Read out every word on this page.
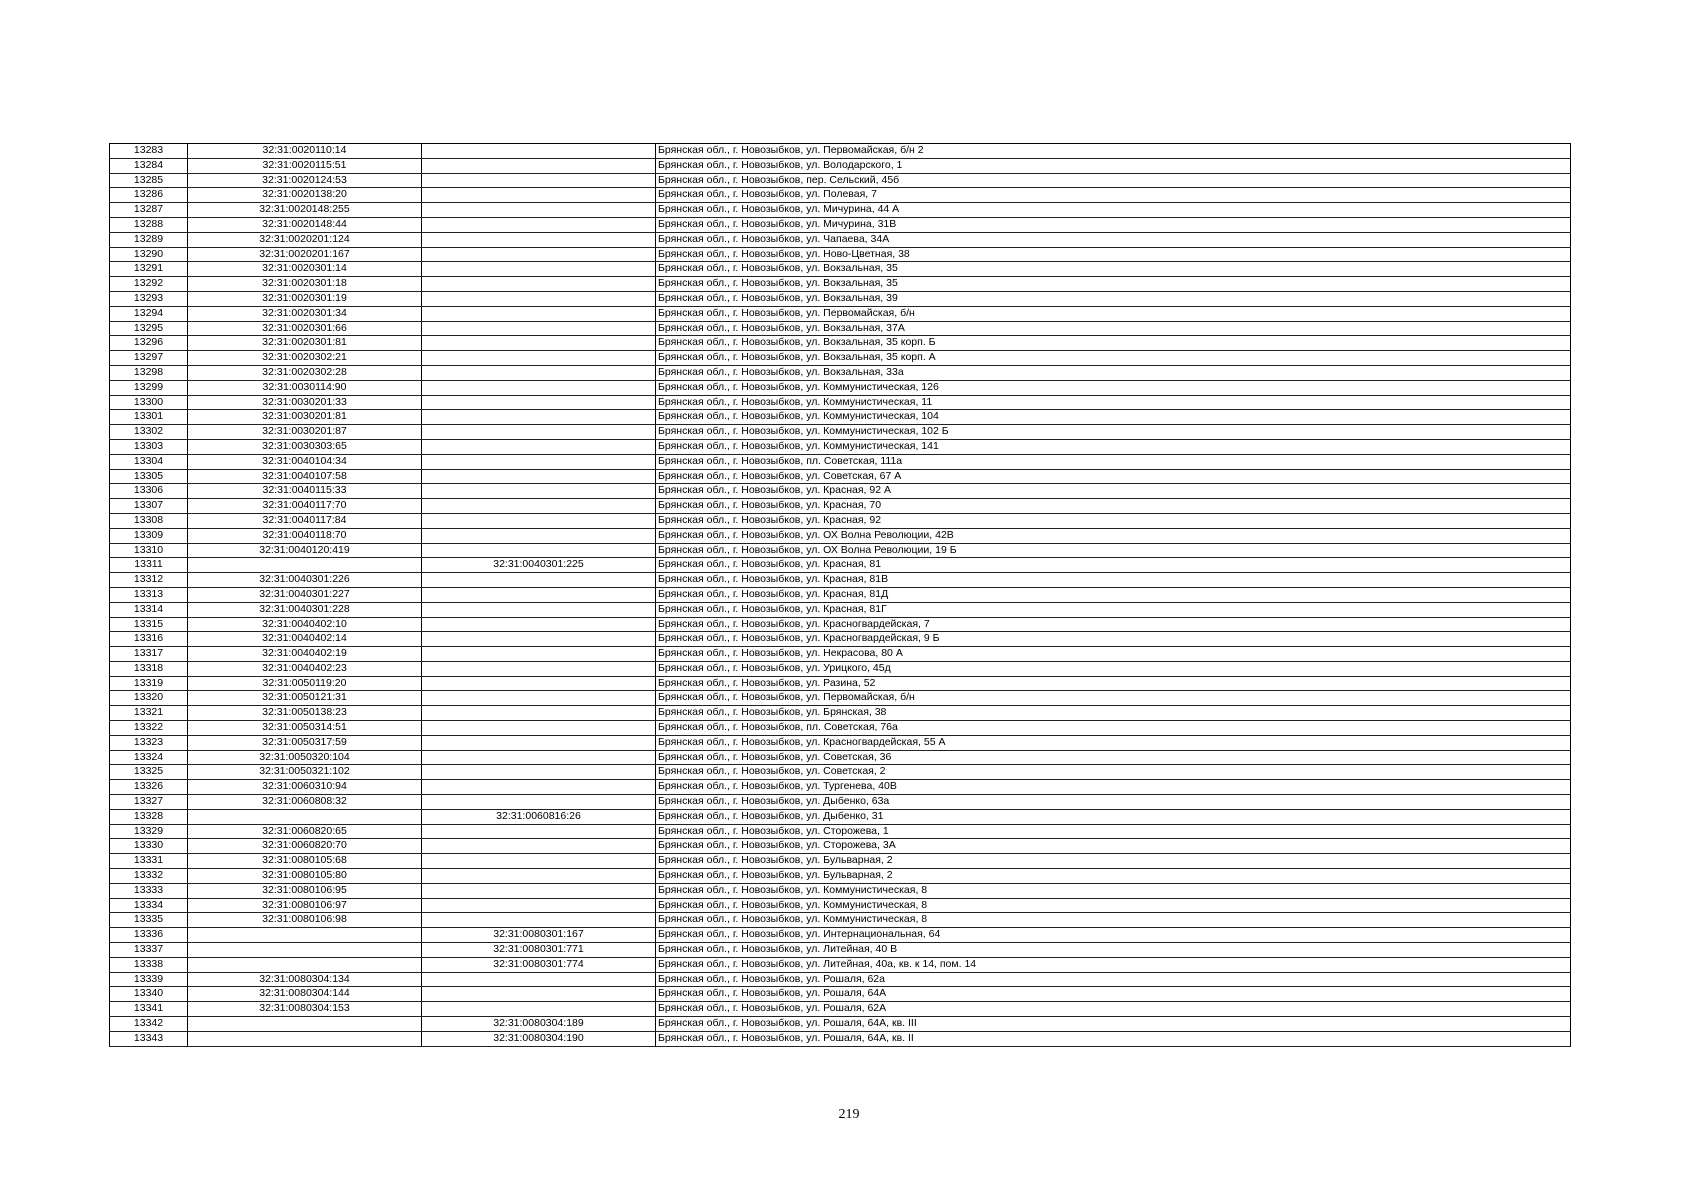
13283	32:31:0020110:14		Брянская обл., г. Новозыбков, ул. Первомайская, б/н 2
13284	32:31:0020115:51		Брянская обл., г. Новозыбков, ул. Володарского, 1
13285	32:31:0020124:53		Брянская обл., г. Новозыбков, пер. Сельский, 45б
13286	32:31:0020138:20		Брянская обл., г. Новозыбков, ул. Полевая, 7
13287	32:31:0020148:255		Брянская обл., г. Новозыбков, ул. Мичурина, 44 А
13288	32:31:0020148:44		Брянская обл., г. Новозыбков, ул. Мичурина, 31В
13289	32:31:0020201:124		Брянская обл., г. Новозыбков, ул. Чапаева, 34А
13290	32:31:0020201:167		Брянская обл., г. Новозыбков, ул. Ново-Цветная, 38
13291	32:31:0020301:14		Брянская обл., г. Новозыбков, ул. Вокзальная, 35
13292	32:31:0020301:18		Брянская обл., г. Новозыбков, ул. Вокзальная, 35
13293	32:31:0020301:19		Брянская обл., г. Новозыбков, ул. Вокзальная, 39
13294	32:31:0020301:34		Брянская обл., г. Новозыбков, ул. Первомайская, б/н
13295	32:31:0020301:66		Брянская обл., г. Новозыбков, ул. Вокзальная, 37А
13296	32:31:0020301:81		Брянская обл., г. Новозыбков, ул. Вокзальная, 35 корп. Б
13297	32:31:0020302:21		Брянская обл., г. Новозыбков, ул. Вокзальная, 35 корп. А
13298	32:31:0020302:28		Брянская обл., г. Новозыбков, ул. Вокзальная, 33а
13299	32:31:0030114:90		Брянская обл., г. Новозыбков, ул. Коммунистическая, 126
13300	32:31:0030201:33		Брянская обл., г. Новозыбков, ул. Коммунистическая, 11
13301	32:31:0030201:81		Брянская обл., г. Новозыбков, ул. Коммунистическая, 104
13302	32:31:0030201:87		Брянская обл., г. Новозыбков, ул. Коммунистическая, 102 Б
13303	32:31:0030303:65		Брянская обл., г. Новозыбков, ул. Коммунистическая, 141
13304	32:31:0040104:34		Брянская обл., г. Новозыбков, пл. Советская, 111а
13305	32:31:0040107:58		Брянская обл., г. Новозыбков, ул. Советская, 67 А
13306	32:31:0040115:33		Брянская обл., г. Новозыбков, ул. Красная, 92 А
13307	32:31:0040117:70		Брянская обл., г. Новозыбков, ул. Красная, 70
13308	32:31:0040117:84		Брянская обл., г. Новозыбков, ул. Красная, 92
13309	32:31:0040118:70		Брянская обл., г. Новозыбков, ул. ОХ Волна Революции, 42В
13310	32:31:0040120:419		Брянская обл., г. Новозыбков, ул. ОХ Волна Революции, 19 Б
13311		32:31:0040301:225	Брянская обл., г. Новозыбков, ул. Красная, 81
13312	32:31:0040301:226		Брянская обл., г. Новозыбков, ул. Красная, 81В
13313	32:31:0040301:227		Брянская обл., г. Новозыбков, ул. Красная, 81Д
13314	32:31:0040301:228		Брянская обл., г. Новозыбков, ул. Красная, 81Г
13315	32:31:0040402:10		Брянская обл., г. Новозыбков, ул. Красногвардейская, 7
13316	32:31:0040402:14		Брянская обл., г. Новозыбков, ул. Красногвардейская, 9 Б
13317	32:31:0040402:19		Брянская обл., г. Новозыбков, ул. Некрасова, 80 А
13318	32:31:0040402:23		Брянская обл., г. Новозыбков, ул. Урицкого, 45д
13319	32:31:0050119:20		Брянская обл., г. Новозыбков, ул. Разина, 52
13320	32:31:0050121:31		Брянская обл., г. Новозыбков, ул. Первомайская, б/н
13321	32:31:0050138:23		Брянская обл., г. Новозыбков, ул. Брянская, 38
13322	32:31:0050314:51		Брянская обл., г. Новозыбков, пл. Советская, 76а
13323	32:31:0050317:59		Брянская обл., г. Новозыбков, ул. Красногвардейская, 55 А
13324	32:31:0050320:104		Брянская обл., г. Новозыбков, ул. Советская, 36
13325	32:31:0050321:102		Брянская обл., г. Новозыбков, ул. Советская, 2
13326	32:31:0060310:94		Брянская обл., г. Новозыбков, ул. Тургенева, 40В
13327	32:31:0060808:32		Брянская обл., г. Новозыбков, ул. Дыбенко, 63а
13328		32:31:0060816:26	Брянская обл., г. Новозыбков, ул. Дыбенко, 31
13329	32:31:0060820:65		Брянская обл., г. Новозыбков, ул. Сторожева, 1
13330	32:31:0060820:70		Брянская обл., г. Новозыбков, ул. Сторожева, 3А
13331	32:31:0080105:68		Брянская обл., г. Новозыбков, ул. Бульварная, 2
13332	32:31:0080105:80		Брянская обл., г. Новозыбков, ул. Бульварная, 2
13333	32:31:0080106:95		Брянская обл., г. Новозыбков, ул. Коммунистическая, 8
13334	32:31:0080106:97		Брянская обл., г. Новозыбков, ул. Коммунистическая, 8
13335	32:31:0080106:98		Брянская обл., г. Новозыбков, ул. Коммунистическая, 8
13336		32:31:0080301:167	Брянская обл., г. Новозыбков, ул. Интернациональная, 64
13337		32:31:0080301:771	Брянская обл., г. Новозыбков, ул. Литейная, 40 В
13338		32:31:0080301:774	Брянская обл., г. Новозыбков, ул. Литейная, 40а, кв. к 14, пом. 14
13339	32:31:0080304:134		Брянская обл., г. Новозыбков, ул. Рошаля, 62а
13340	32:31:0080304:144		Брянская обл., г. Новозыбков, ул. Рошаля, 64А
13341	32:31:0080304:153		Брянская обл., г. Новозыбков, ул. Рошаля, 62А
13342		32:31:0080304:189	Брянская обл., г. Новозыбков, ул. Рошаля, 64А, кв. III
13343		32:31:0080304:190	Брянская обл., г. Новозыбков, ул. Рошаля, 64А, кв. II
219
